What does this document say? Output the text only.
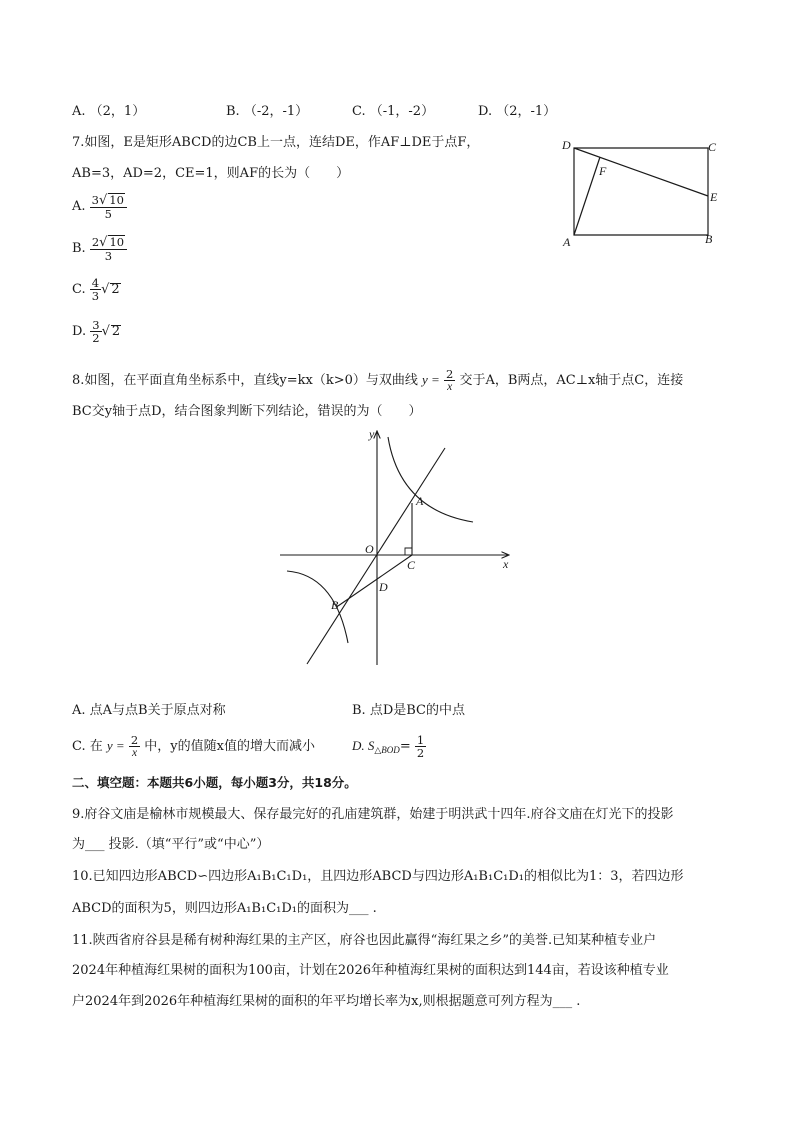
A. （2，1）	B. （-2，-1）	C. （-1，-2）	D. （2，-1）
7.如图，E是矩形ABCD的边CB上一点，连结DE，作AF⊥DE于点F，
AB=3，AD=2，CE=1，则AF的长为（　　）
A. $\frac{3√ 10}{5}$
B. $\frac{2√ 10}{3}$
C. $\frac{4}{3}$ √ 2
D. $\frac{3}{2}$ √ 2
D	C
F
E
A	B
8.如图，在平面直角坐标系中，直线y=kx（k>0）与双曲线 $y = \frac{2}{x}$ 交于A，B两点，AC⊥x轴于点C，连接
BC交y轴于点D，结合图象判断下列结论，错误的为（　　）
y
x
O
A
B
C
D
A. 点A与点B关于原点对称	B. 点D是BC的中点
C. 在 $y = \frac{2}{x}$ 中，y的值随x值的增大而减小	D. $S_{\triangle BOD}= \frac{1}{2}$
二、填空题：本题共6小题，每小题3分，共18分。
9.府谷文庙是榆林市规模最大、保存最完好的孔庙建筑群，始建于明洪武十四年.府谷文庙在灯光下的投影
为___ 投影.（填“平行”或“中心”）
10.已知四边形ABCD∽四边形A₁B₁C₁D₁，且四边形ABCD与四边形A₁B₁C₁D₁的相似比为1：3，若四边形
ABCD的面积为5，则四边形A₁B₁C₁D₁的面积为___ .
11.陕西省府谷县是稀有树种海红果的主产区，府谷也因此赢得“海红果之乡”的美誉.已知某种植专业户
2024年种植海红果树的面积为100亩，计划在2026年种植海红果树的面积达到144亩，若设该种植专业
户2024年到2026年种植海红果树的面积的年平均增长率为x,则根据题意可列方程为___ .
